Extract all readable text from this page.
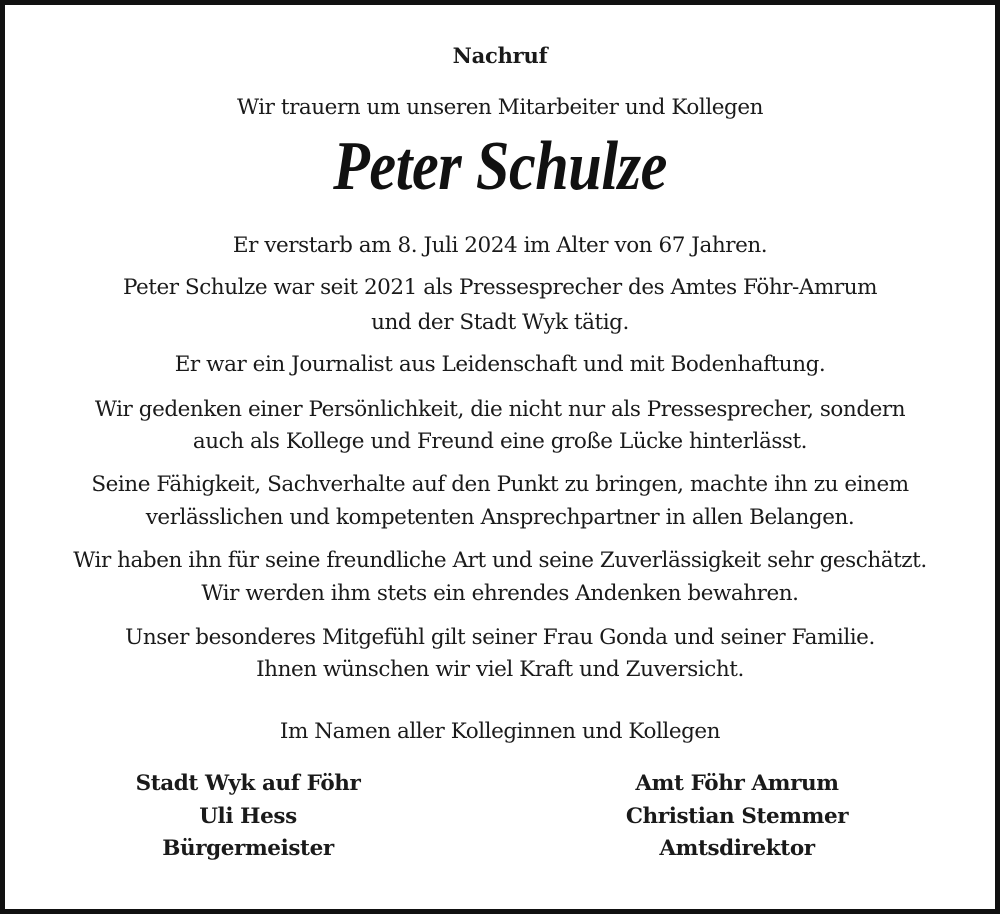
Nachruf
Wir trauern um unseren Mitarbeiter und Kollegen
Peter Schulze
Er verstarb am 8. Juli 2024 im Alter von 67 Jahren.
Peter Schulze war seit 2021 als Pressesprecher des Amtes Föhr-Amrum
und der Stadt Wyk tätig.
Er war ein Journalist aus Leidenschaft und mit Bodenhaftung.
Wir gedenken einer Persönlichkeit, die nicht nur als Pressesprecher, sondern
auch als Kollege und Freund eine große Lücke hinterlässt.
Seine Fähigkeit, Sachverhalte auf den Punkt zu bringen, machte ihn zu einem
verlässlichen und kompetenten Ansprechpartner in allen Belangen.
Wir haben ihn für seine freundliche Art und seine Zuverlässigkeit sehr geschätzt.
Wir werden ihm stets ein ehrendes Andenken bewahren.
Unser besonderes Mitgefühl gilt seiner Frau Gonda und seiner Familie.
Ihnen wünschen wir viel Kraft und Zuversicht.
Im Namen aller Kolleginnen und Kollegen
Stadt Wyk auf Föhr
Uli Hess
Bürgermeister
Amt Föhr Amrum
Christian Stemmer
Amtsdirektor
